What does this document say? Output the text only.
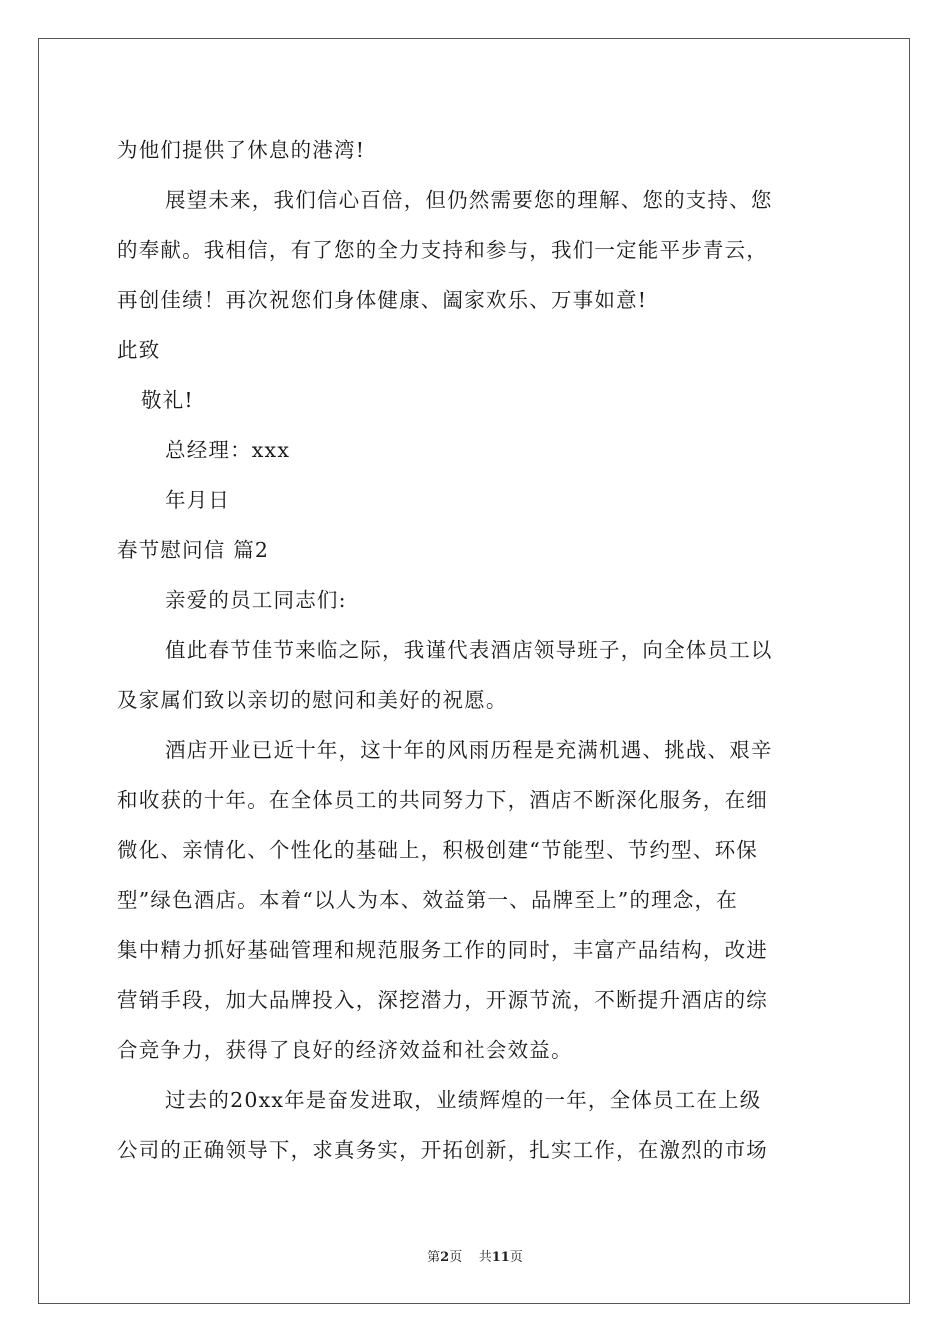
为他们提供了休息的港湾!
展望未来，我们信心百倍，但仍然需要您的理解、您的支持、您
的奉献。我相信，有了您的全力支持和参与，我们一定能平步青云，
再创佳绩！再次祝您们身体健康、阖家欢乐、万事如意!
此致
敬礼!
总经理：xxx
年月日
春节慰问信 篇2
亲爱的员工同志们:
值此春节佳节来临之际，我谨代表酒店领导班子，向全体员工以
及家属们致以亲切的慰问和美好的祝愿。
酒店开业已近十年，这十年的风雨历程是充满机遇、挑战、艰辛
和收获的十年。在全体员工的共同努力下，酒店不断深化服务，在细
微化、亲情化、个性化的基础上，积极创建“节能型、节约型、环保
型”绿色酒店。本着“以人为本、效益第一、品牌至上”的理念，在
集中精力抓好基础管理和规范服务工作的同时，丰富产品结构，改进
营销手段，加大品牌投入，深挖潜力，开源节流，不断提升酒店的综
合竞争力，获得了良好的经济效益和社会效益。
过去的20xx年是奋发进取，业绩辉煌的一年，全体员工在上级
公司的正确领导下，求真务实，开拓创新，扎实工作，在激烈的市场
第2页 共11页
